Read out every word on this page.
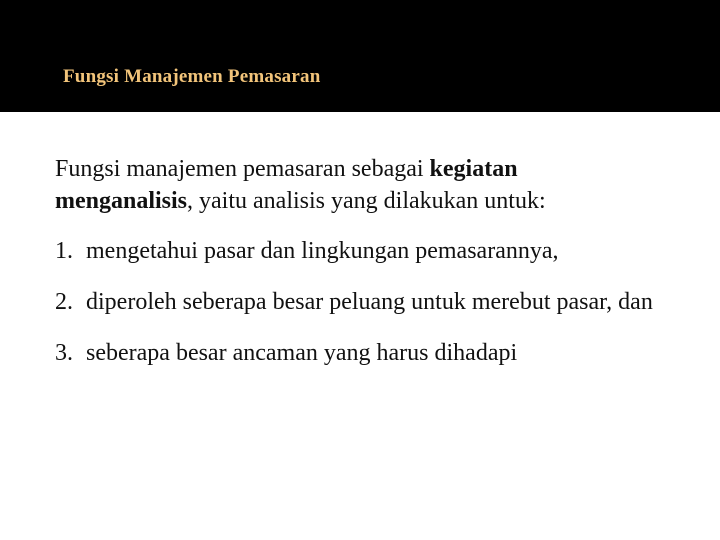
Fungsi Manajemen Pemasaran

Fungsi manajemen pemasaran sebagai kegiatan
menganalisis, yaitu analisis yang dilakukan untuk:

1. mengetahui pasar dan lingkungan pemasarannya,
2. diperoleh seberapa besar peluang untuk merebut pasar, dan
3. seberapa besar ancaman yang harus dihadapi
